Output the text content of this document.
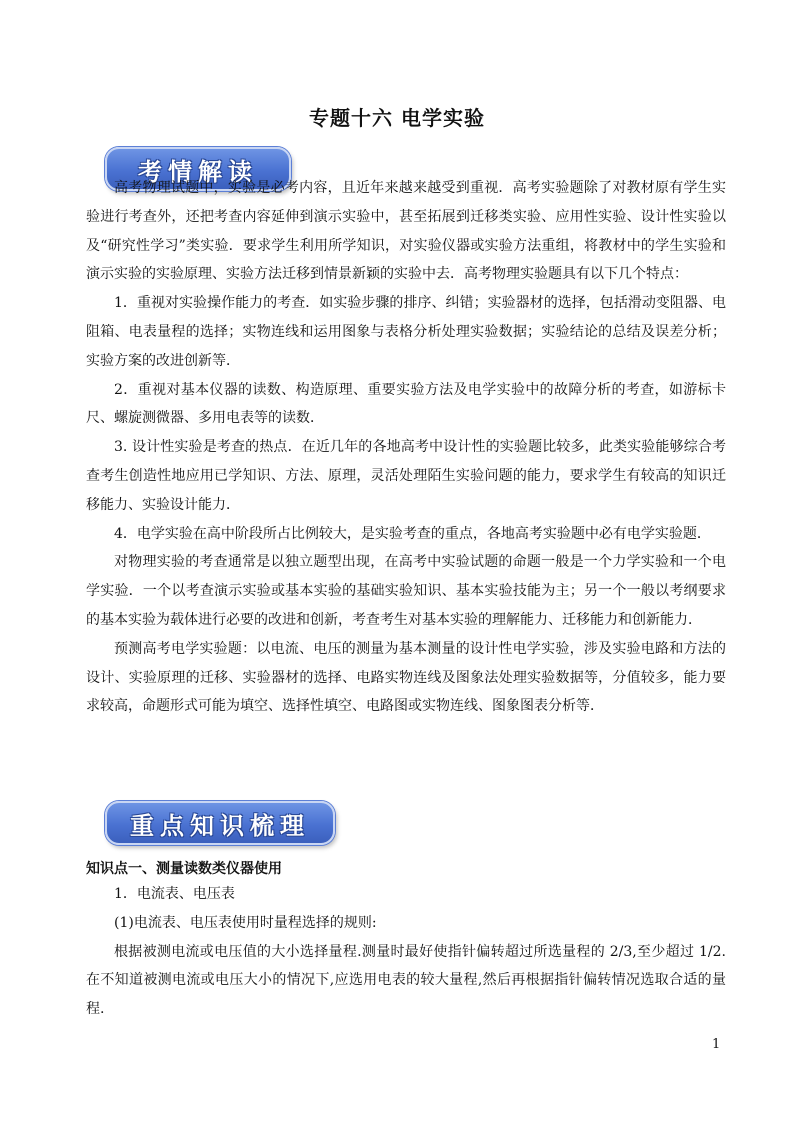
专题十六 电学实验
考情解读

高考物理试题中，实验是必考内容，且近年来越来越受到重视．高考实验题除了对教材原有学生实验进行考查外，还把考查内容延伸到演示实验中，甚至拓展到迁移类实验、应用性实验、设计性实验以及“研究性学习”类实验．要求学生利用所学知识，对实验仪器或实验方法重组，将教材中的学生实验和演示实验的实验原理、实验方法迁移到情景新颖的实验中去．高考物理实验题具有以下几个特点：

1．重视对实验操作能力的考查．如实验步骤的排序、纠错；实验器材的选择，包括滑动变阻器、电阻箱、电表量程的选择；实物连线和运用图象与表格分析处理实验数据；实验结论的总结及误差分析；实验方案的改进创新等．

2．重视对基本仪器的读数、构造原理、重要实验方法及电学实验中的故障分析的考查，如游标卡尺、螺旋测微器、多用电表等的读数．

3. 设计性实验是考查的热点．在近几年的各地高考中设计性的实验题比较多，此类实验能够综合考查考生创造性地应用已学知识、方法、原理，灵活处理陌生实验问题的能力，要求学生有较高的知识迁移能力、实验设计能力．

4．电学实验在高中阶段所占比例较大，是实验考查的重点，各地高考实验题中必有电学实验题．

对物理实验的考查通常是以独立题型出现，在高考中实验试题的命题一般是一个力学实验和一个电学实验．一个以考查演示实验或基本实验的基础实验知识、基本实验技能为主；另一个一般以考纲要求的基本实验为载体进行必要的改进和创新，考查考生对基本实验的理解能力、迁移能力和创新能力．

预测高考电学实验题：以电流、电压的测量为基本测量的设计性电学实验，涉及实验电路和方法的设计、实验原理的迁移、实验器材的选择、电路实物连线及图象法处理实验数据等，分值较多，能力要求较高，命题形式可能为填空、选择性填空、电路图或实物连线、图象图表分析等．

重点知识梳理
知识点一、测量读数类仪器使用

1．电流表、电压表

(1)电流表、电压表使用时量程选择的规则:

根据被测电流或电压值的大小选择量程.测量时最好使指针偏转超过所选量程的 2/3,至少超过 1/2.在不知道被测电流或电压大小的情况下,应选用电表的较大量程,然后再根据指针偏转情况选取合适的量程.

1
